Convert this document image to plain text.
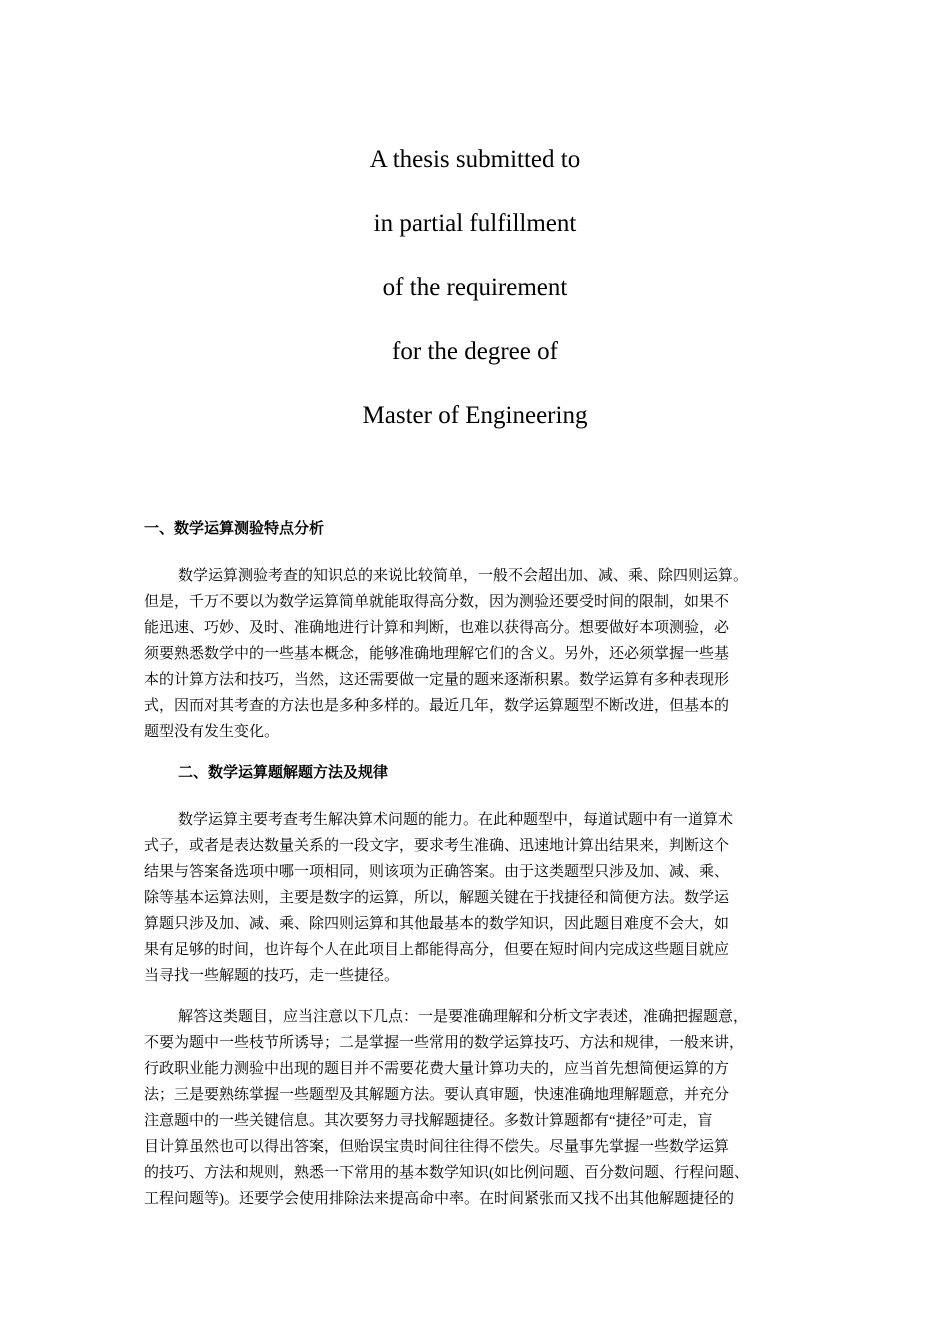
A thesis submitted to
in partial fulfillment
of the requirement
for the degree of
Master of Engineering
一、数学运算测验特点分析

数学运算测验考查的知识总的来说比较简单，一般不会超出加、减、乘、除四则运算。
但是，千万不要以为数学运算简单就能取得高分数，因为测验还要受时间的限制，如果不
能迅速、巧妙、及时、准确地进行计算和判断，也难以获得高分。想要做好本项测验，必
须要熟悉数学中的一些基本概念，能够准确地理解它们的含义。另外，还必须掌握一些基
本的计算方法和技巧，当然，这还需要做一定量的题来逐渐积累。数学运算有多种表现形
式，因而对其考查的方法也是多种多样的。最近几年，数学运算题型不断改进，但基本的
题型没有发生变化。

二、数学运算题解题方法及规律

数学运算主要考查考生解决算术问题的能力。在此种题型中，每道试题中有一道算术
式子，或者是表达数量关系的一段文字，要求考生准确、迅速地计算出结果来，判断这个
结果与答案备选项中哪一项相同，则该项为正确答案。由于这类题型只涉及加、减、乘、
除等基本运算法则，主要是数字的运算，所以，解题关键在于找捷径和简便方法。数学运
算题只涉及加、减、乘、除四则运算和其他最基本的数学知识，因此题目难度不会大，如
果有足够的时间，也许每个人在此项目上都能得高分，但要在短时间内完成这些题目就应
当寻找一些解题的技巧，走一些捷径。

解答这类题目，应当注意以下几点：一是要准确理解和分析文字表述，准确把握题意，
不要为题中一些枝节所诱导；二是掌握一些常用的数学运算技巧、方法和规律，一般来讲，
行政职业能力测验中出现的题目并不需要花费大量计算功夫的，应当首先想简便运算的方
法；三是要熟练掌握一些题型及其解题方法。要认真审题，快速准确地理解题意，并充分
注意题中的一些关键信息。其次要努力寻找解题捷径。多数计算题都有“捷径”可走，盲
目计算虽然也可以得出答案，但贻误宝贵时间往往得不偿失。尽量事先掌握一些数学运算
的技巧、方法和规则，熟悉一下常用的基本数学知识(如比例问题、百分数问题、行程问题、
工程问题等)。还要学会使用排除法来提高命中率。在时间紧张而又找不出其他解题捷径的
